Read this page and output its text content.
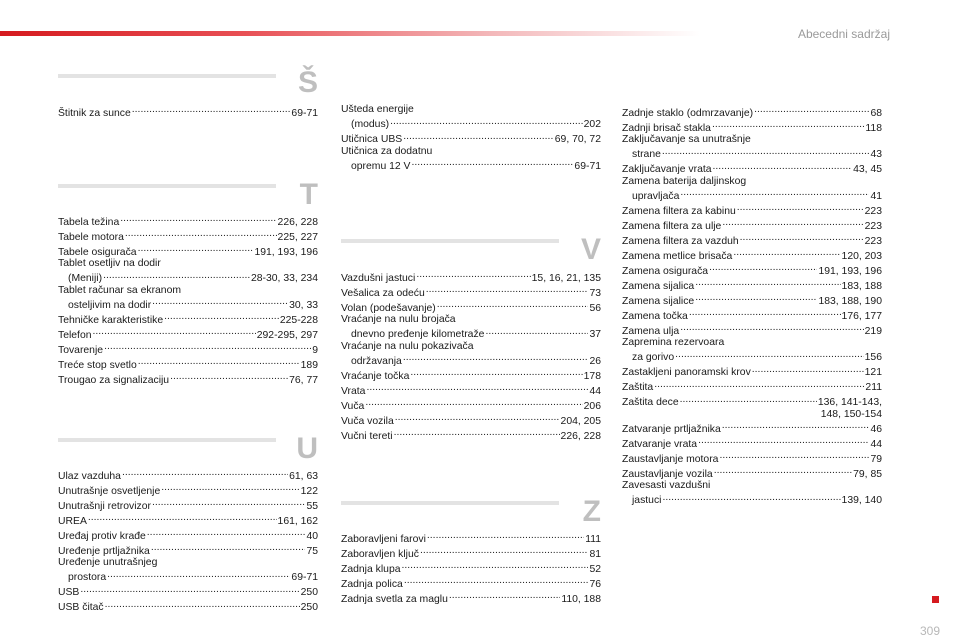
Abecedni sadržaj
Š
Štitnik za sunce .....	69-71
T
Tabela težina .....	226, 228
Tabele motora .....	225, 227
Tabele osigurača .....	191, 193, 196
Tablet osetljiv na dodir
(Meniji) .....	28-30, 33, 234
Tablet računar sa ekranom
osteljivim na dodir .....	30, 33
Tehničke karakteristike .....	225-228
Telefon .....	292-295, 297
Tovarenje .....	9
Treće stop svetlo .....	189
Trougao za signalizaciju .....	76, 77
U
Ulaz vazduha .....	61, 63
Unutrašnje osvetljenje .....	122
Unutrašnji retrovizor .....	55
UREA .....	161, 162
Uređaj protiv krađe .....	40
Uređenje prtljažnika .....	75
Uređenje unutrašnjeg
prostora .....	69-71
USB .....	250
USB čitač .....	250
Ušteda energije
(modus) .....	202
Utičnica UBS .....	69, 70, 72
Utičnica za dodatnu
opremu 12 V .....	69-71
V
Vazdušni jastuci .....	15, 16, 21, 135
Vešalica za odeću .....	73
Volan (podešavanje) .....	56
Vraćanje na nulu brojača
dnevno pređenje kilometraže .....	37
Vraćanje na nulu pokazivača
održavanja .....	26
Vraćanje točka .....	178
Vrata .....	44
Vuča .....	206
Vuča vozila .....	204, 205
Vučni tereti .....	226, 228
Z
Zaboravljeni farovi .....	111
Zaboravljen ključ .....	81
Zadnja klupa .....	52
Zadnja polica .....	76
Zadnja svetla za maglu .....	110, 188
Zadnje staklo (odmrzavanje) .....	68
Zadnji brisač stakla .....	118
Zaključavanje sa unutrašnje
strane .....	43
Zaključavanje vrata .....	43, 45
Zamena baterija daljinskog
upravljača .....	41
Zamena filtera za kabinu .....	223
Zamena filtera za ulje .....	223
Zamena filtera za vazduh .....	223
Zamena metlice brisača .....	120, 203
Zamena osigurača .....	191, 193, 196
Zamena sijalica .....	183, 188
Zamena sijalice .....	183, 188, 190
Zamena točka .....	176, 177
Zamena ulja .....	219
Zapremina rezervoara
za gorivo .....	156
Zastakljeni panoramski krov .....	121
Zaštita .....	211
Zaštita dece .....	136, 141-143,
148, 150-154
Zatvaranje prtljažnika .....	46
Zatvaranje vrata .....	44
Zaustavljanje motora .....	79
Zaustavljanje vozila .....	79, 85
Zavesasti vazdušni
jastuci .....	139, 140
309
